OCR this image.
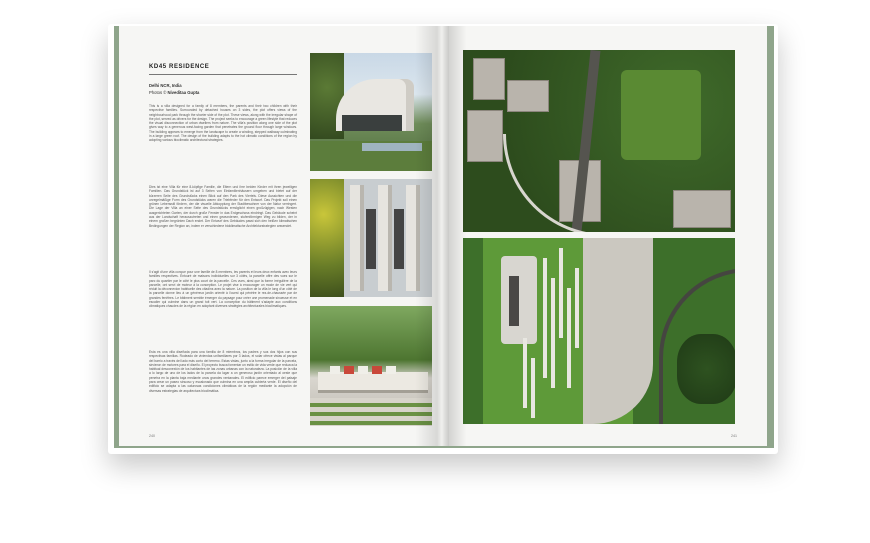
KD45 RESIDENCE
Delhi NCR, India
Photos © Niveditaa Gupta
This is a villa designed for a family of 8 members, the parents and their two children with their respective families. Surrounded by detached houses on 3 sides, the plot offers views of the neighbourhood park through the shorter side of the plot. These views, along with the irregular shape of the plot, served as drivers for the design. The project seeks to encourage a green lifestyle that reduces the visual disconnection of urban dwellers from nature. The villa's position along one side of the plot gives way to a generous west-facing garden that penetrates the ground floor through large windows. The building appears to emerge from the landscape to create a winding, stepped walkway culminating in a large green roof. The design of the building adapts to the hot climatic conditions of the region by adopting various bioclimatic architectural strategies.
Dies ist eine Villa für eine 8-köpfige Familie, die Eltern und ihre beiden Kinder mit ihren jeweiligen Familien. Das Grundstück ist auf 3 Seiten von Einfamilienhäusern umgeben und bietet auf der kürzeren Seite des Grundstücks einen Blick auf den Park des Viertels. Diese Aussichten und die unregelmäßige Form des Grundstücks waren die Triebfeder für den Entwurf. Das Projekt soll einen grünen Lebensstil fördern, der die visuelle Abkopplung der Stadtbewohner von der Natur verringert. Die Lage der Villa an einer Seite des Grundstücks ermöglicht einen großzügigen, nach Westen ausgerichteten Garten, der durch große Fenster in das Erdgeschoss eindringt. Das Gebäude scheint aus der Landschaft herauszutreten und einen gewundenen, stufenförmigen Weg zu bilden, der in einem großen begrünten Dach endet. Der Entwurf des Gebäudes passt sich den heißen klimatischen Bedingungen der Region an, indem er verschiedene bioklimatische Architekturstrategien anwendet.
Il s'agit d'une villa conçue pour une famille de 8 membres, les parents et leurs deux enfants avec leurs familles respectives. Entouré de maisons individuelles sur 3 côtés, la parcelle offre des vues sur le parc du quartier par le côté le plus court de la parcelle. Ces vues, ainsi que la forme irrégulière de la parcelle, ont servi de moteur à la conception. Le projet vise à encourager un mode de vie vert qui réduit la déconnexion habituelle des citadins avec la nature. La position de la villa le long d'un côté de la parcelle donne lieu à un généreux jardin orienté à l'ouest qui pénètre le rez-de-chaussée par de grandes fenêtres. Le bâtiment semble émerger du paysage pour créer une promenade sinueuse et en escalier qui culmine dans un grand toit vert. La conception du bâtiment s'adapte aux conditions climatiques chaudes de la région en adoptant diverses stratégies architecturales bioclimatiques.
Esta es una villa diseñada para una familia de 8 miembros, los padres y sus dos hijos con sus respectivas familias. Rodeado de viviendas unifamiliares por 3 lados, el solar ofrece vistas al parque del barrio a través del lado más corto del terreno. Estas vistas, junto a la forma irregular de la parcela, sirvieron de motores para el diseño. El proyecto busca fomentar un estilo de vida verde que reduzca la habitual desconexión de los habitantes de las zonas urbanas con la naturaleza. La posición de la villa a lo largo de uno de los lados de la parcela da lugar a un generoso jardín orientado al oeste que penetra en la planta baja mediante unos grandes ventanales. El edificio parece emerger del paisaje para crear un paseo sinuoso y escalonado que culmina en una amplia cubierta verde. El diseño del edificio se adapta a las calurosas condiciones climáticas de la región mediante la adopción de diversas estrategias de arquitectura bioclimática.
240	241
